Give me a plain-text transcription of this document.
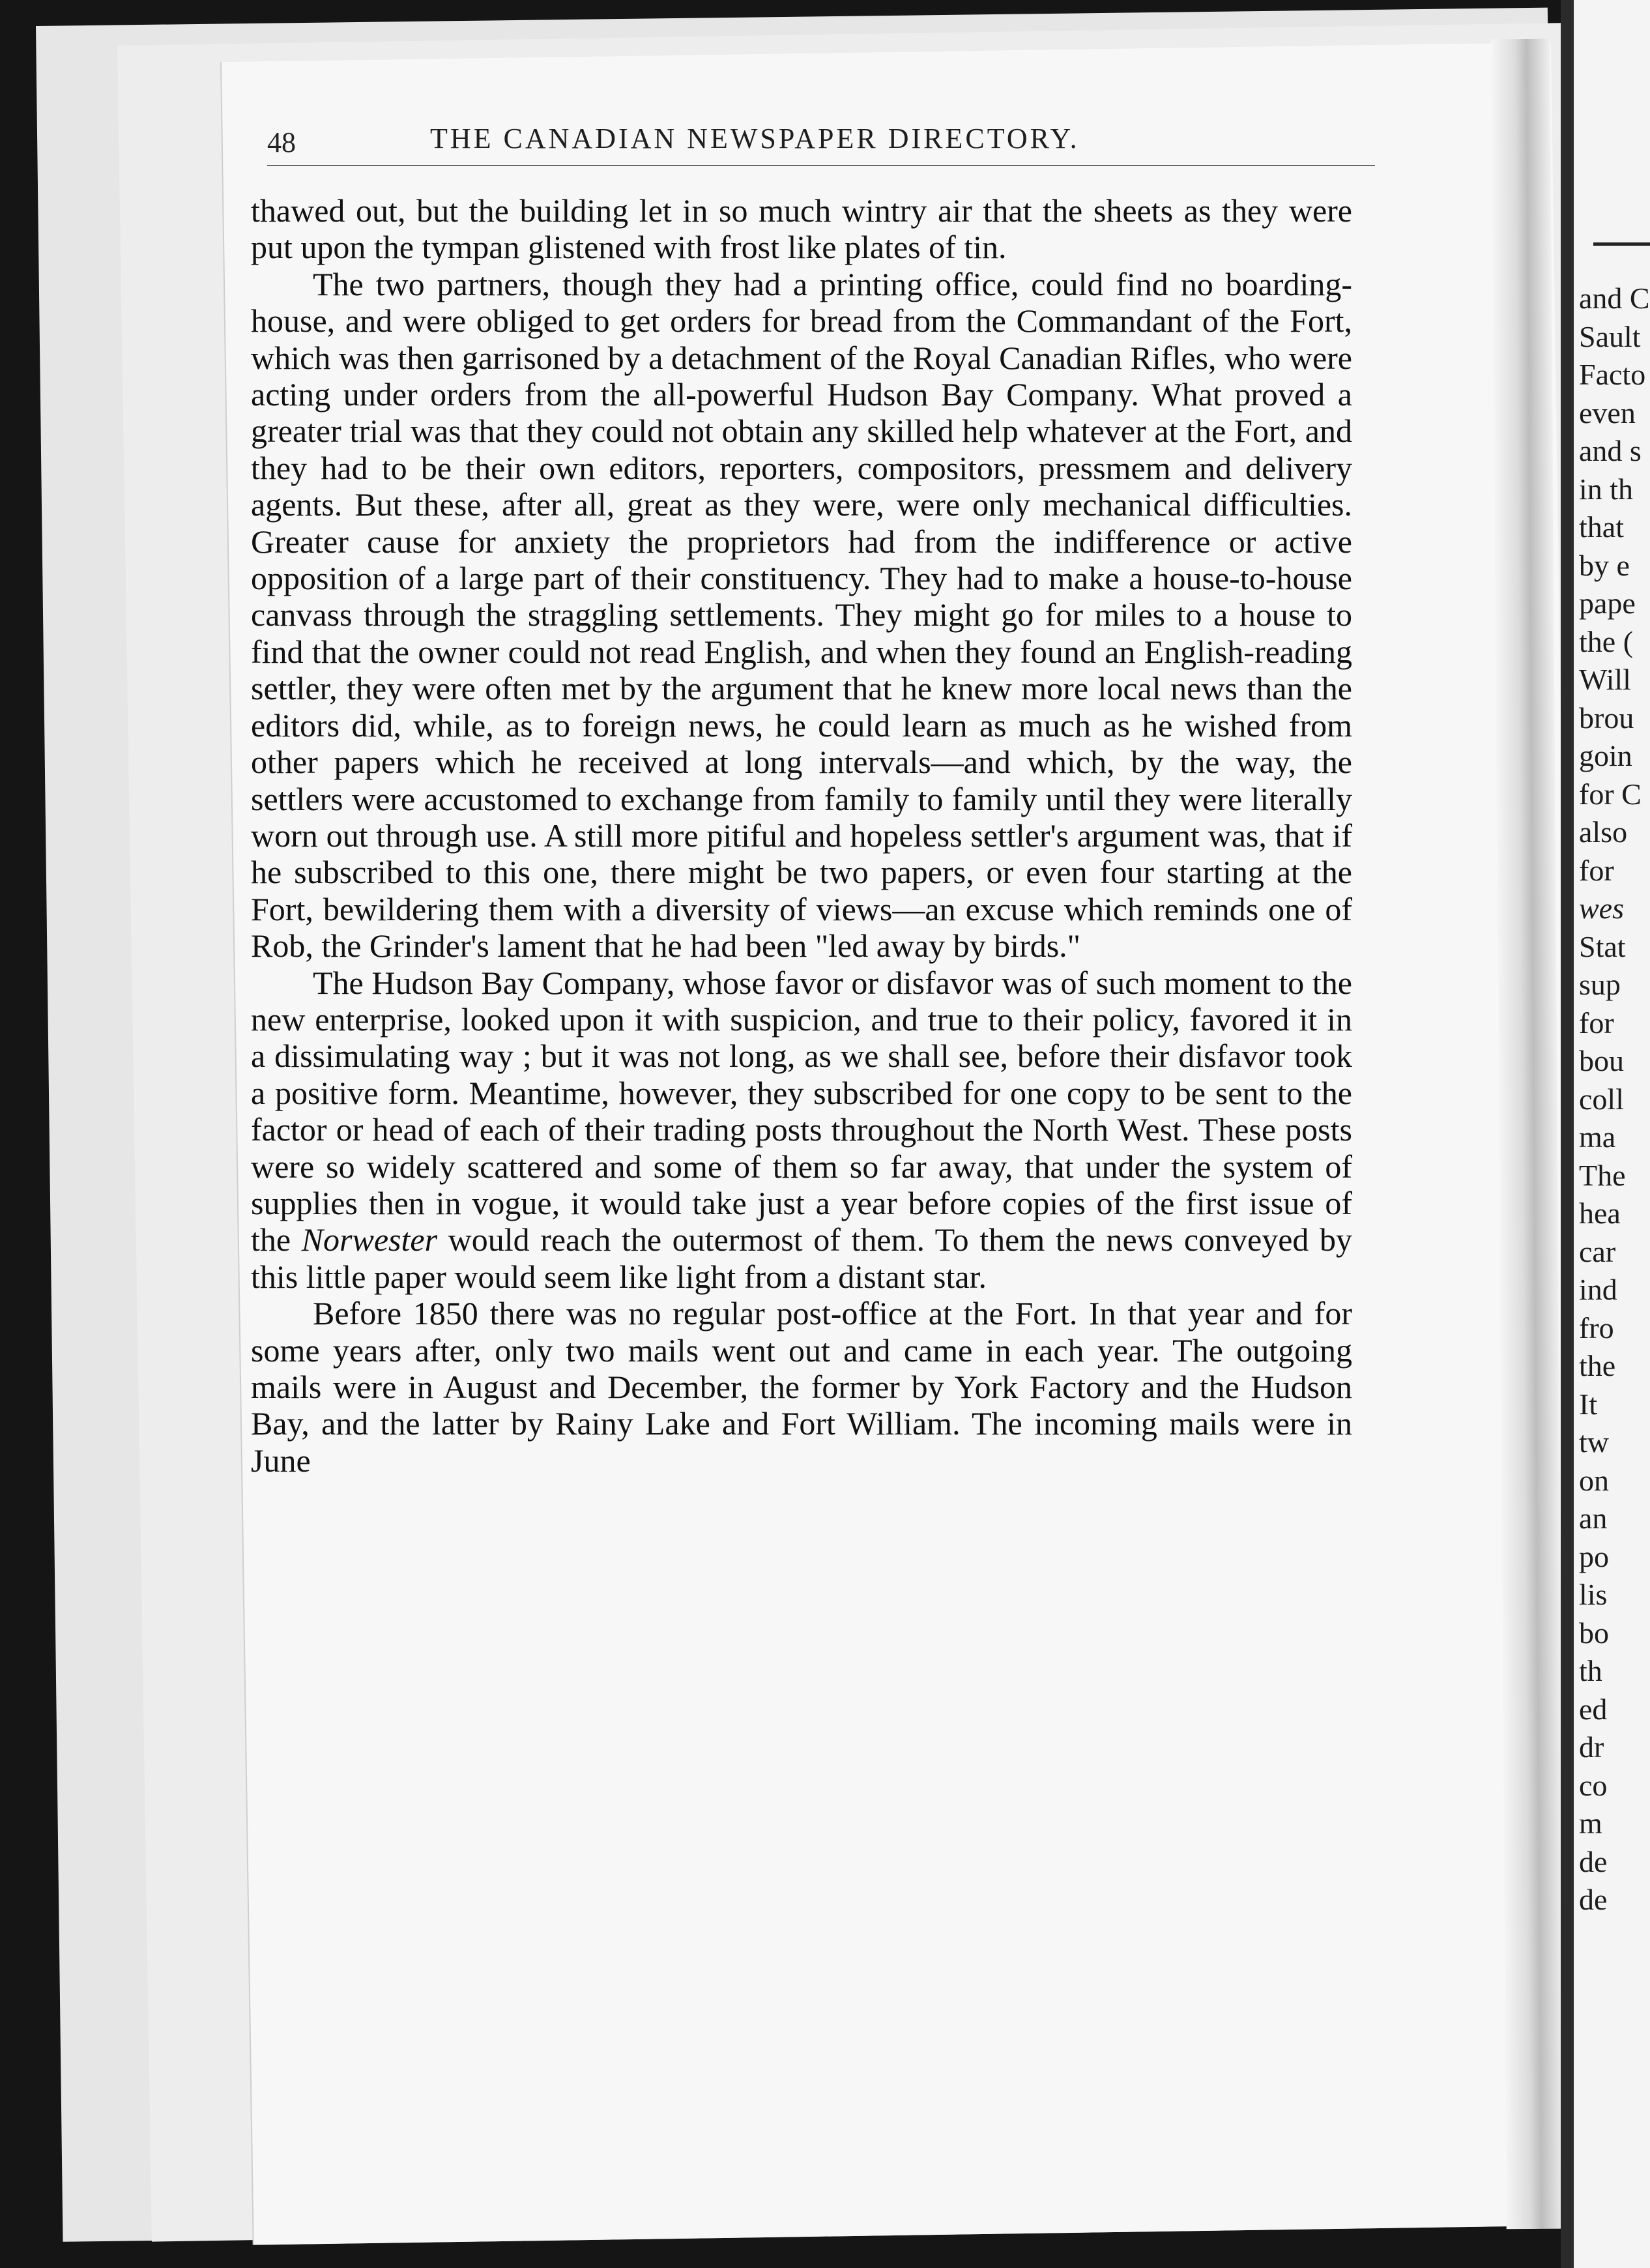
48	THE CANADIAN NEWSPAPER DIRECTORY.

thawed out, but the building let in so much wintry air that the sheets as they were put upon the tympan glistened with frost like plates of tin.

The two partners, though they had a printing office, could find no boarding-house, and were obliged to get orders for bread from the Commandant of the Fort, which was then garrisoned by a detachment of the Royal Canadian Rifles, who were acting under orders from the all-powerful Hudson Bay Company. What proved a greater trial was that they could not obtain any skilled help whatever at the Fort, and they had to be their own editors, reporters, compositors, pressmem and delivery agents. But these, after all, great as they were, were only mechanical difficulties. Greater cause for anxiety the proprietors had from the indifference or active opposition of a large part of their constituency. They had to make a house-to-house canvass through the straggling settlements. They might go for miles to a house to find that the owner could not read English, and when they found an English-reading settler, they were often met by the argument that he knew more local news than the editors did, while, as to foreign news, he could learn as much as he wished from other papers which he received at long intervals—and which, by the way, the settlers were accustomed to exchange from family to family until they were literally worn out through use. A still more pitiful and hopeless settler's argument was, that if he subscribed to this one, there might be two papers, or even four starting at the Fort, bewildering them with a diversity of views—an excuse which reminds one of Rob, the Grinder's lament that he had been "led away by birds."

The Hudson Bay Company, whose favor or disfavor was of such moment to the new enterprise, looked upon it with suspicion, and true to their policy, favored it in a dissimulating way ; but it was not long, as we shall see, before their disfavor took a positive form. Meantime, however, they subscribed for one copy to be sent to the factor or head of each of their trading posts throughout the North West. These posts were so widely scattered and some of them so far away, that under the system of supplies then in vogue, it would take just a year before copies of the first issue of the Norwester would reach the outermost of them. To them the news conveyed by this little paper would seem like light from a distant star.

Before 1850 there was no regular post-office at the Fort. In that year and for some years after, only two mails went out and came in each year. The outgoing mails were in August and December, the former by York Factory and the Hudson Bay, and the latter by Rainy Lake and Fort William. The incoming mails were in June

and C
Sault
Facto
even
and s
in th
that
by e
pape
the (
Will
brou
goin
for C
also
for
wes
Stat
sup
for
bou
coll
ma
The
hea
car
ind
fro
the
It
tw
on
an
po
lis
bo
th
ed
dr
co
m
de
de
